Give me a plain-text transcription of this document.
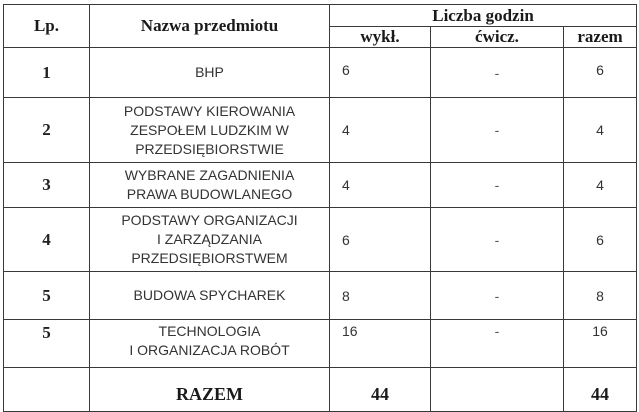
Lp.	Nazwa przedmiotu	Liczba godzin		
		wykł.	ćwicz.	razem
1	BHP	6	-	6
2	PODSTAWY KIEROWANIA
ZESPOŁEM LUDZKIM W
PRZEDSIĘBIORSTWIE	4	-	4
3	WYBRANE ZAGADNIENIA
PRAWA BUDOWLANEGO	4	-	4
4	PODSTAWY ORGANIZACJI
I ZARZĄDZANIA
PRZEDSIĘBIORSTWEM	6	-	6
5	BUDOWA SPYCHAREK	8	-	8
5	TECHNOLOGIA
I ORGANIZACJA ROBÓT	16	-	16
	RAZEM	44		44
